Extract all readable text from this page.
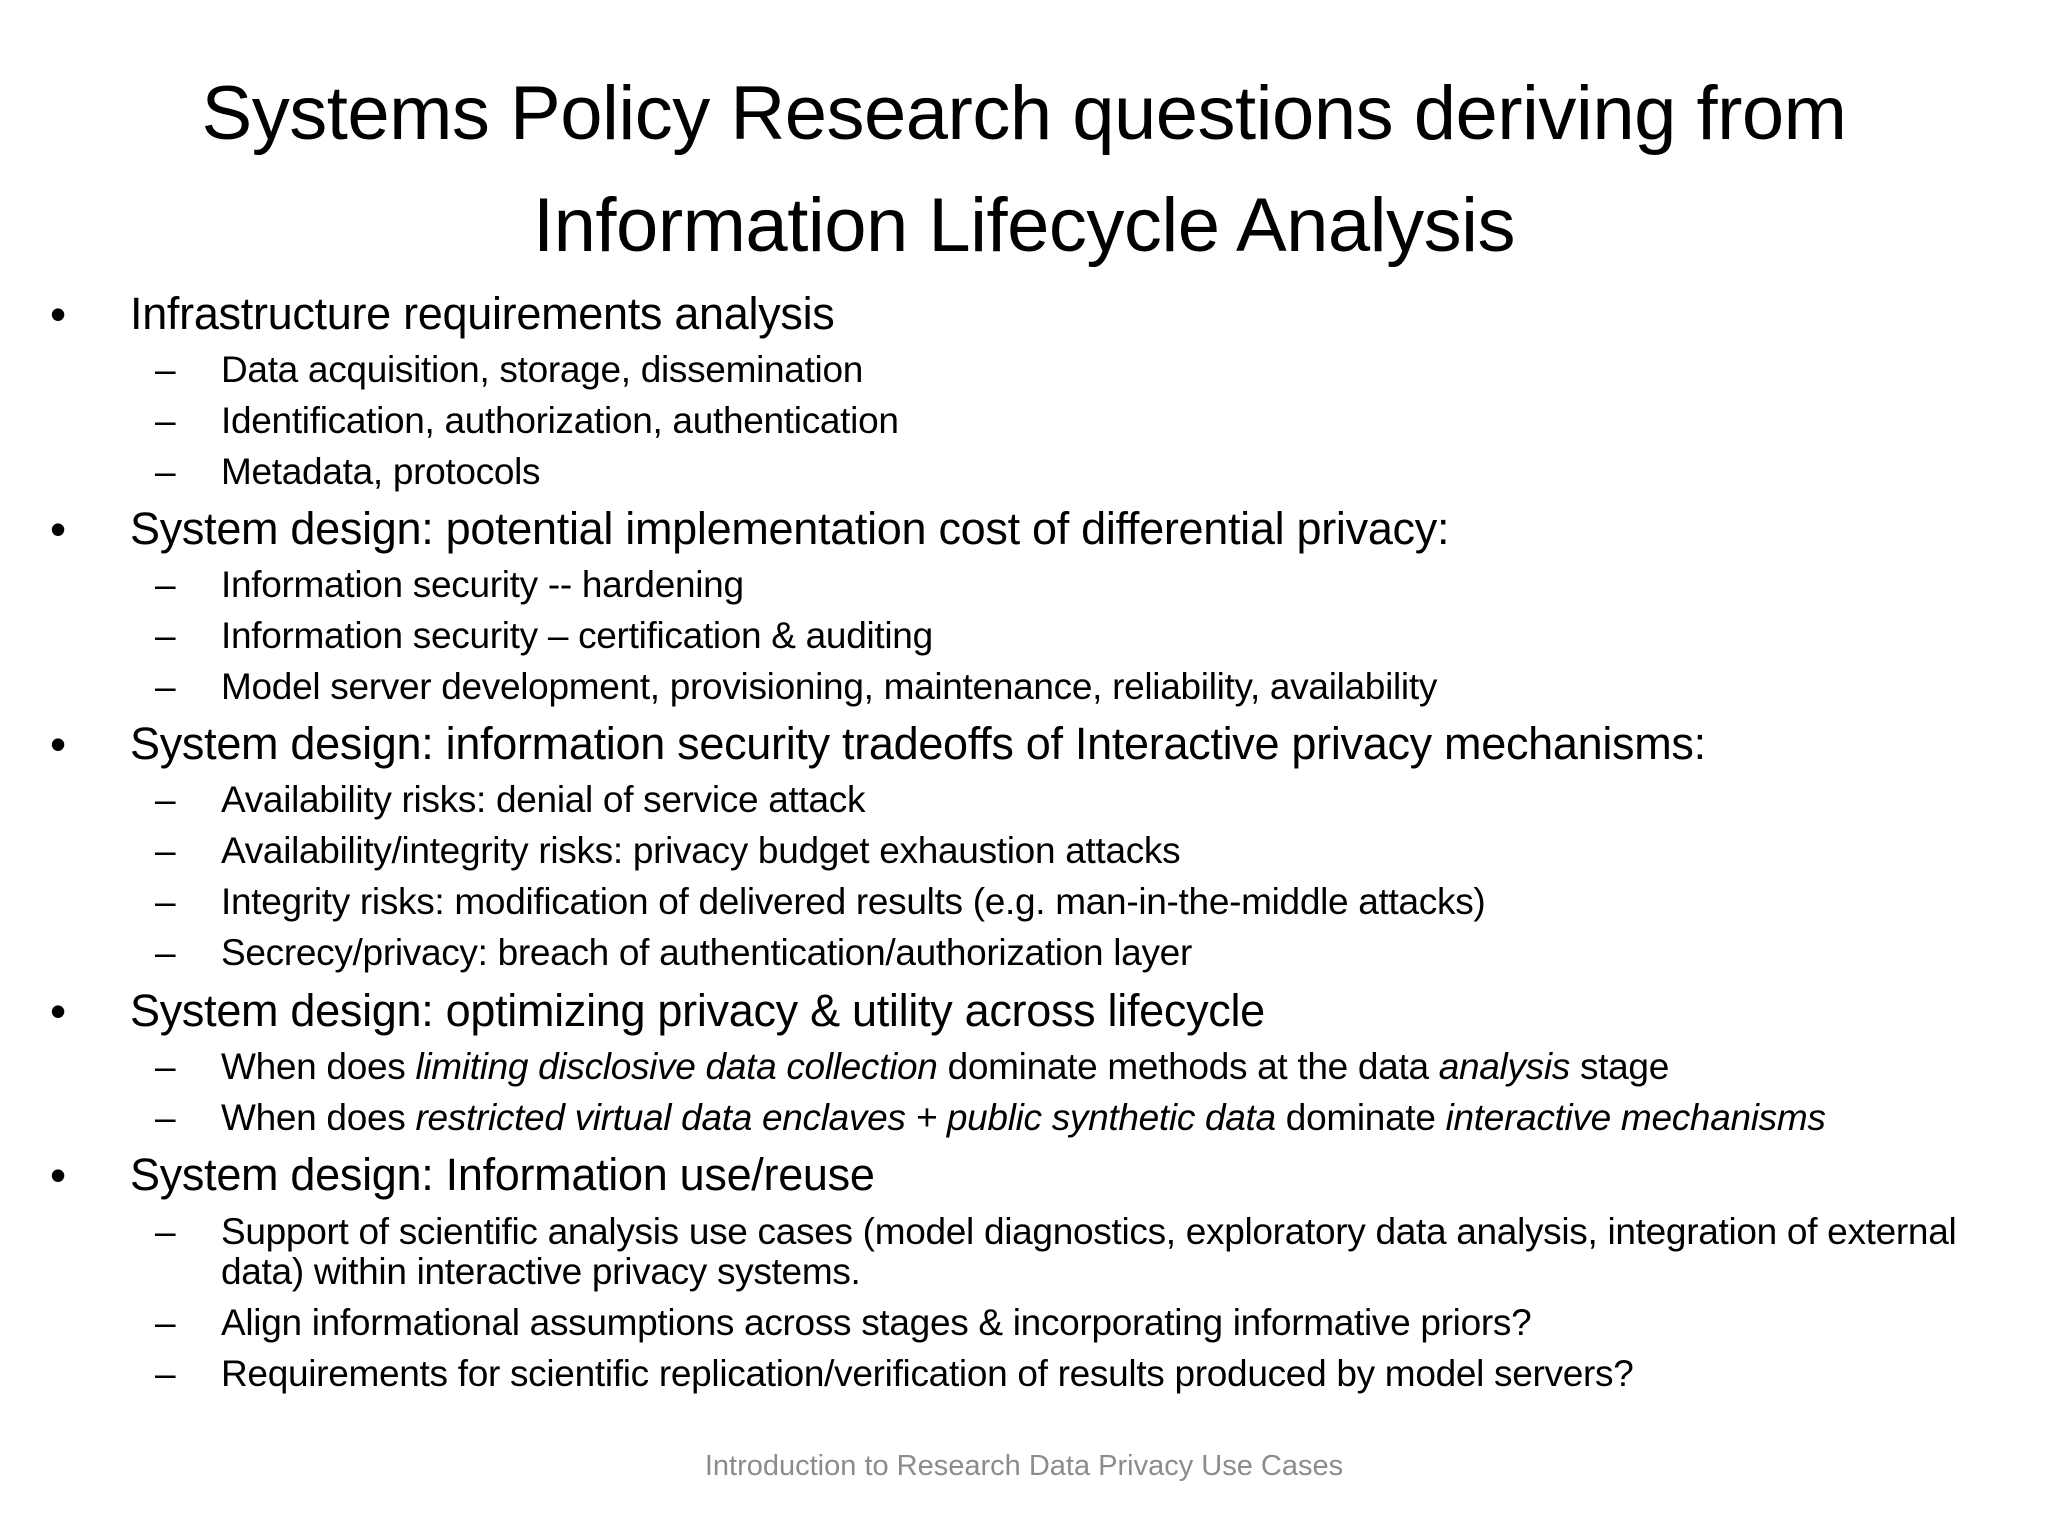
Systems Policy Research questions deriving from
Information Lifecycle Analysis
• Infrastructure requirements analysis
– Data acquisition, storage, dissemination
– Identification, authorization, authentication
– Metadata, protocols
• System design: potential implementation cost of differential privacy:
– Information security -- hardening
– Information security – certification & auditing
– Model server development, provisioning, maintenance, reliability, availability
• System design: information security tradeoffs of Interactive privacy mechanisms:
– Availability risks: denial of service attack
– Availability/integrity risks: privacy budget exhaustion attacks
– Integrity risks: modification of delivered results (e.g. man-in-the-middle attacks)
– Secrecy/privacy: breach of authentication/authorization layer
• System design: optimizing privacy & utility across lifecycle
– When does limiting disclosive data collection dominate methods at the data analysis stage
– When does restricted virtual data enclaves + public synthetic data dominate interactive mechanisms
• System design: Information use/reuse
– Support of scientific analysis use cases (model diagnostics, exploratory data analysis, integration of external data) within interactive privacy systems.
– Align informational assumptions across stages & incorporating informative priors?
– Requirements for scientific replication/verification of results produced by model servers?
Introduction to Research Data Privacy Use Cases
